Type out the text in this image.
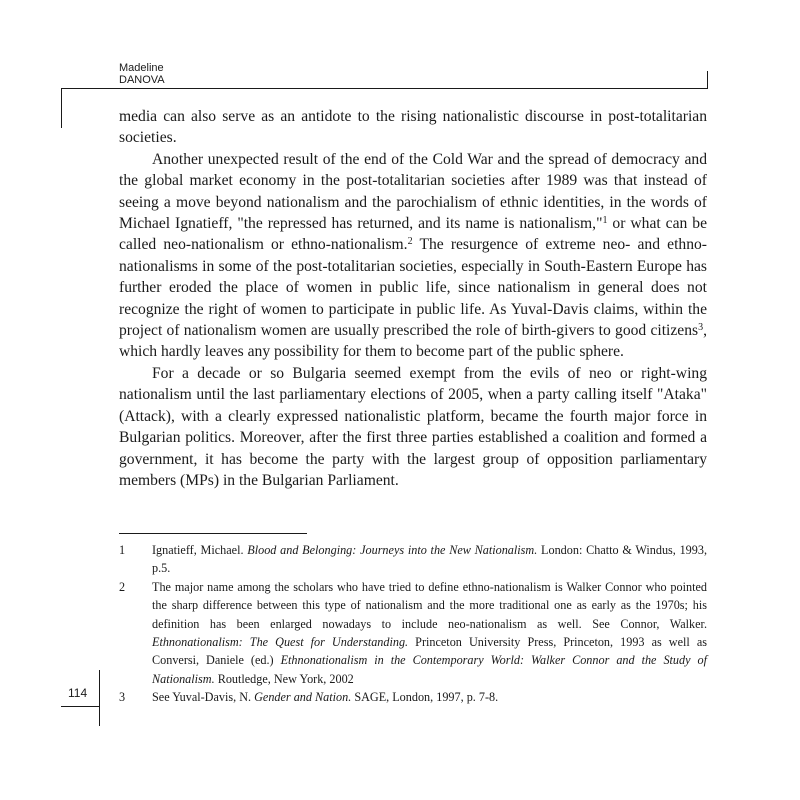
Madeline
DANOVA

media can also serve as an antidote to the rising nationalistic discourse in post-totalitarian societies.

Another unexpected result of the end of the Cold War and the spread of democracy and the global market economy in the post-totalitarian societies after 1989 was that instead of seeing a move beyond nationalism and the parochialism of ethnic identities, in the words of Michael Ignatieff, "the repressed has returned, and its name is nationalism,"$^1$ or what can be called neo-nationalism or ethno-nationalism.$^2$ The resurgence of extreme neo- and ethno-nationalisms in some of the post-totalitarian societies, especially in South-Eastern Europe has further eroded the place of women in public life, since nationalism in general does not recognize the right of women to participate in public life. As Yuval-Davis claims, within the project of nationalism women are usually prescribed the role of birth-givers to good citizens$^3$, which hardly leaves any possibility for them to become part of the public sphere.

For a decade or so Bulgaria seemed exempt from the evils of neo or right-wing nationalism until the last parliamentary elections of 2005, when a party calling itself "Ataka" (Attack), with a clearly expressed nationalistic platform, became the fourth major force in Bulgarian politics. Moreover, after the first three parties established a coalition and formed a government, it has become the party with the largest group of opposition parliamentary members (MPs) in the Bulgarian Parliament.

1 Ignatieff, Michael. Blood and Belonging: Journeys into the New Nationalism. London: Chatto & Windus, 1993, p.5.
2 The major name among the scholars who have tried to define ethno-nationalism is Walker Connor who pointed the sharp difference between this type of nationalism and the more traditional one as early as the 1970s; his definition has been enlarged nowadays to include neo-nationalism as well. See Connor, Walker. Ethnonationalism: The Quest for Understanding. Princeton University Press, Princeton, 1993 as well as Conversi, Daniele (ed.) Ethnonationalism in the Contemporary World: Walker Connor and the Study of Nationalism. Routledge, New York, 2002
3 See Yuval-Davis, N. Gender and Nation. SAGE, London, 1997, p. 7-8.
114
